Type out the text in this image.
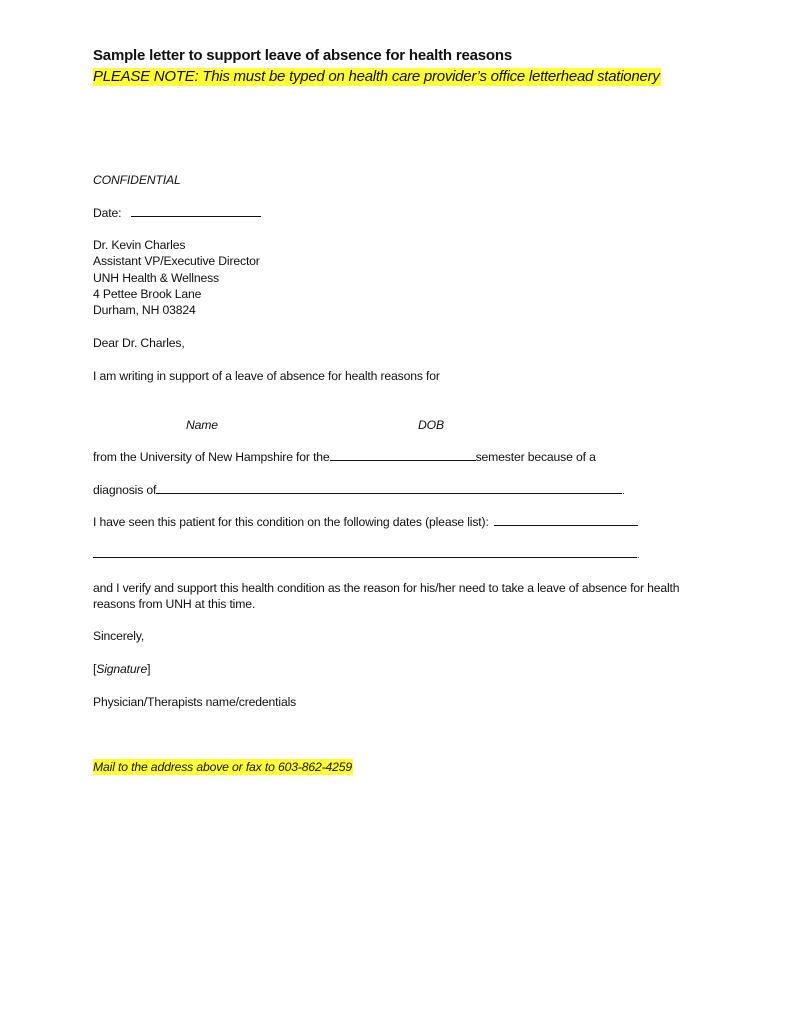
Sample letter to support leave of absence for health reasons
PLEASE NOTE: This must be typed on health care provider’s office letterhead stationery
CONFIDENTIAL
Date:
Dr. Kevin Charles
Assistant VP/Executive Director
UNH Health & Wellness
4 Pettee Brook Lane
Durham, NH 03824
Dear Dr. Charles,
I am writing in support of a leave of absence for health reasons for
Name	DOB
from the University of New Hampshire for the	semester because of a
diagnosis of	.
I have seen this patient for this condition on the following dates (please list):
.
and I verify and support this health condition as the reason for his/her need to take a leave of absence for health
reasons from UNH at this time.
Sincerely,
[Signature]
Physician/Therapists name/credentials
Mail to the address above or fax to 603-862-4259
